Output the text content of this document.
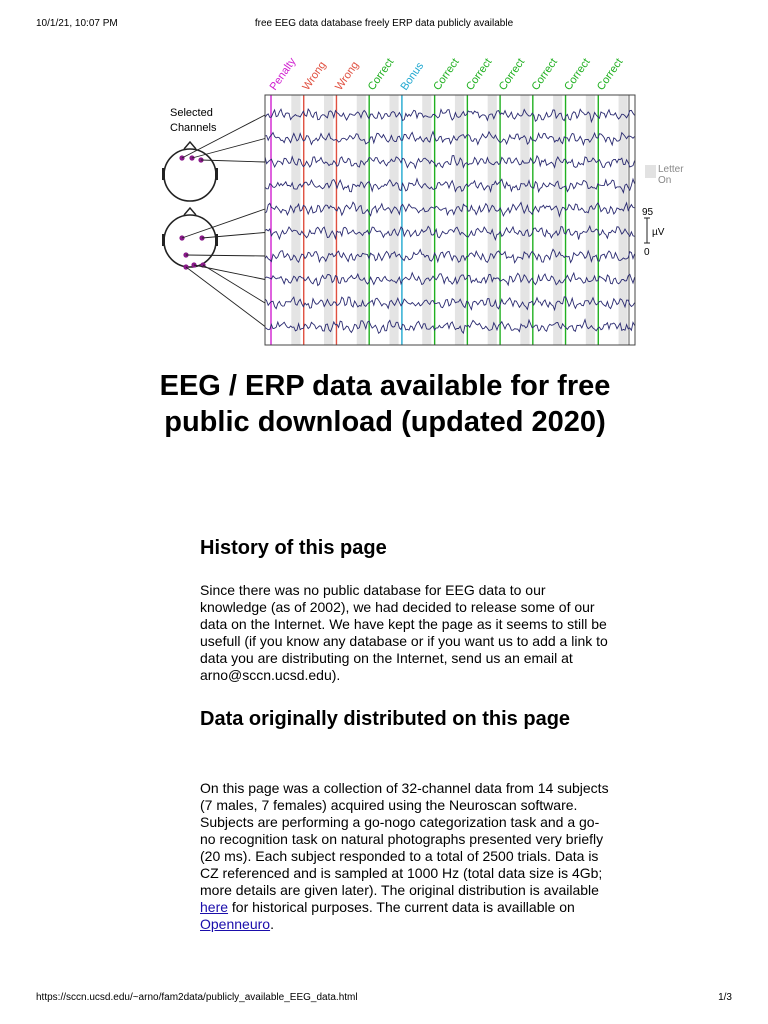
10/1/21, 10:07 PM	free EEG data database freely ERP data publicly available
Penalty Wrong Wrong Correct Bonus Correct Correct Correct Correct Correct Correct
Selected
Channels
Letter
On
95
µV
0
EEG / ERP data available for free public download (updated 2020)
History of this page

Since there was no public database for EEG data to our knowledge (as of 2002), we had decided to release some of our data on the Internet. We have kept the page as it seems to still be usefull (if you know any database or if you want us to add a link to data you are distributing on the Internet, send us an email at arno@sccn.ucsd.edu).

Data originally distributed on this page

On this page was a collection of 32-channel data from 14 subjects (7 males, 7 females) acquired using the Neuroscan software. Subjects are performing a go-nogo categorization task and a go-no recognition task on natural photographs presented very briefly (20 ms). Each subject responded to a total of 2500 trials. Data is CZ referenced and is sampled at 1000 Hz (total data size is 4Gb; more details are given later). The original distribution is available here for historical purposes. The current data is availlable on Openneuro.

https://sccn.ucsd.edu/~arno/fam2data/publicly_available_EEG_data.html	1/3
